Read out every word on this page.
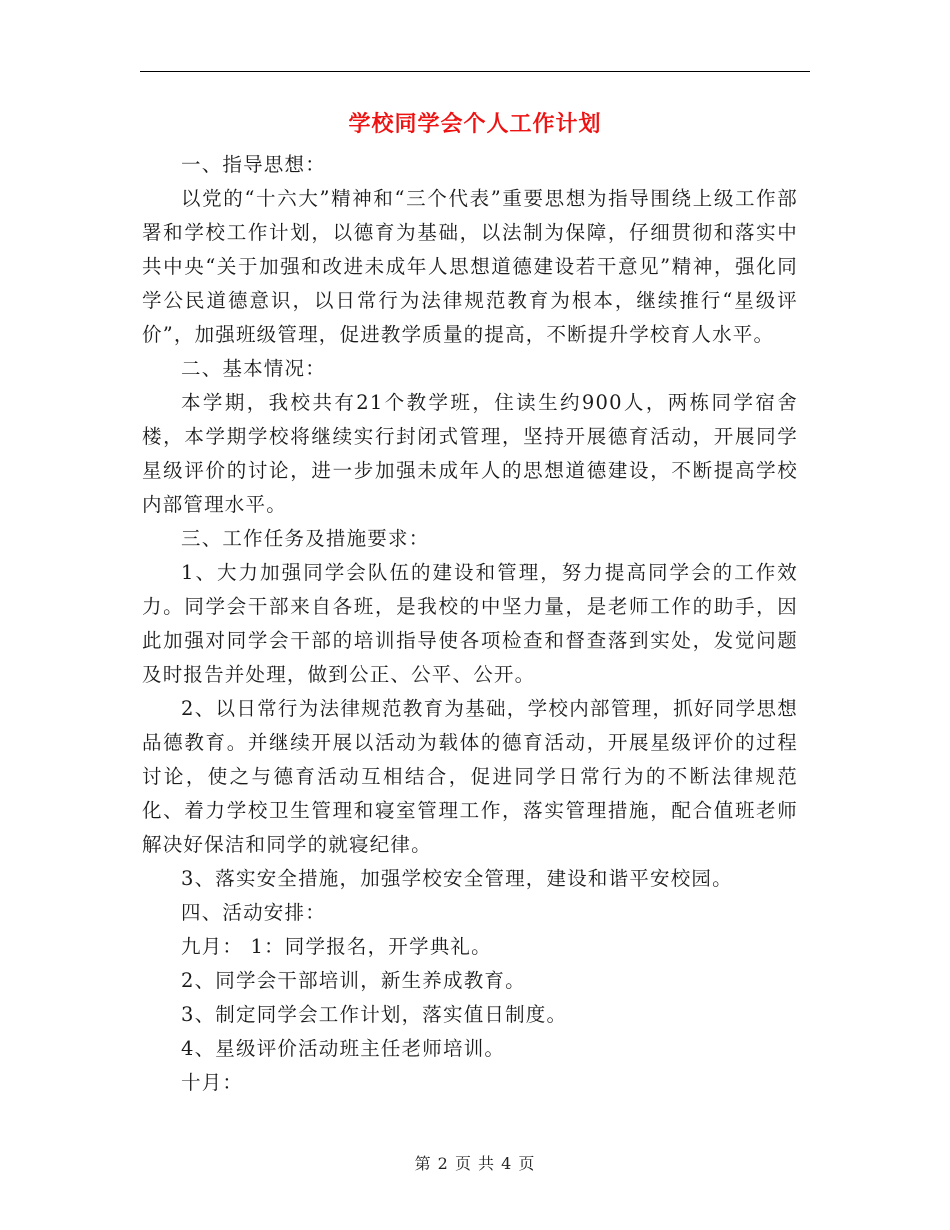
学校同学会个人工作计划

一、指导思想：

以党的“十六大”精神和“三个代表”重要思想为指导围绕上级工作部署和学校工作计划，以德育为基础，以法制为保障，仔细贯彻和落实中共中央“关于加强和改进未成年人思想道德建设若干意见”精神，强化同学公民道德意识，以日常行为法律规范教育为根本，继续推行“星级评价”，加强班级管理，促进教学质量的提高，不断提升学校育人水平。

二、基本情况：

本学期，我校共有21个教学班，住读生约900人，两栋同学宿舍楼，本学期学校将继续实行封闭式管理，坚持开展德育活动，开展同学星级评价的讨论，进一步加强未成年人的思想道德建设，不断提高学校内部管理水平。

三、工作任务及措施要求：

1、大力加强同学会队伍的建设和管理，努力提高同学会的工作效力。同学会干部来自各班，是我校的中坚力量，是老师工作的助手，因此加强对同学会干部的培训指导使各项检查和督查落到实处，发觉问题及时报告并处理，做到公正、公平、公开。

2、以日常行为法律规范教育为基础，学校内部管理，抓好同学思想品德教育。并继续开展以活动为载体的德育活动，开展星级评价的过程讨论，使之与德育活动互相结合，促进同学日常行为的不断法律规范化、着力学校卫生管理和寝室管理工作，落实管理措施，配合值班老师解决好保洁和同学的就寝纪律。

3、落实安全措施，加强学校安全管理，建设和谐平安校园。

四、活动安排：

九月： 1：同学报名，开学典礼。

2、同学会干部培训，新生养成教育。

3、制定同学会工作计划，落实值日制度。

4、星级评价活动班主任老师培训。

十月：

第 2 页 共 4 页
